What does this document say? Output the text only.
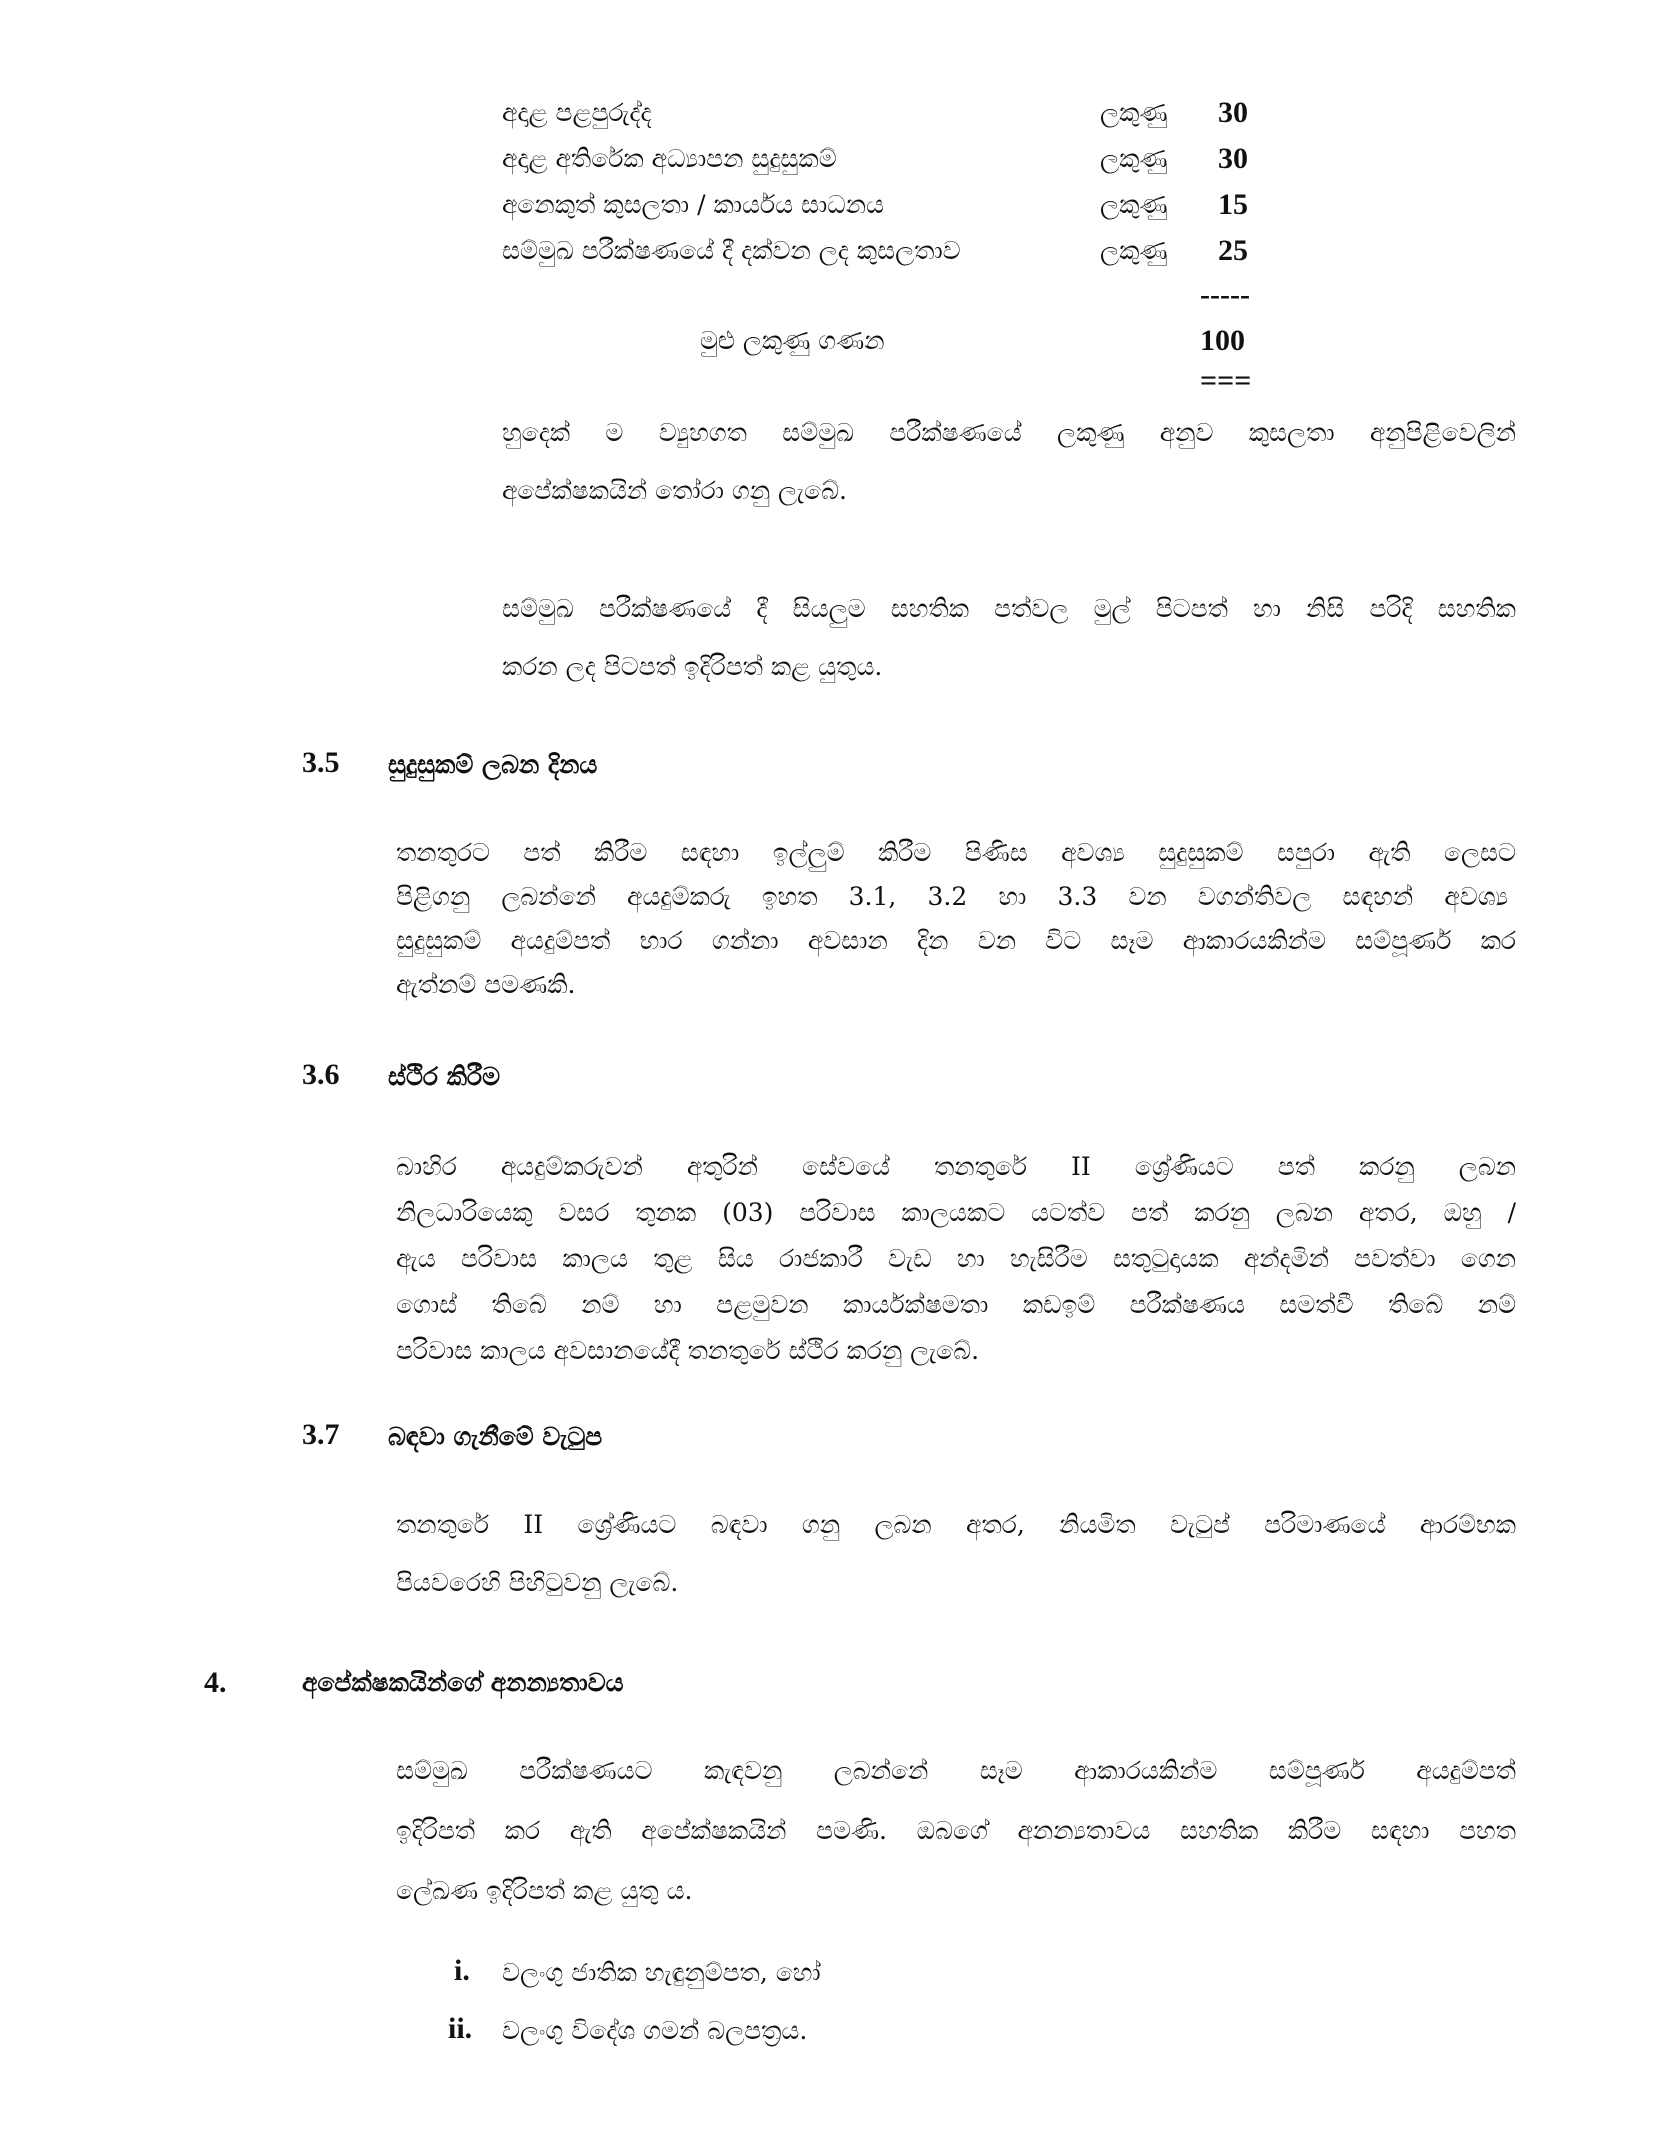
අදාළ පළපුරුද්ද	ලකුණු 30
අදාළ අතිරේක අධ්‍යාපන සුදුසුකම්	ලකුණු 30
අනෙකුත් කුසලතා / කාර්යය සාධනය	ලකුණු 15
සම්මුඛ පරීක්ෂණයේ දී දක්වන ලද කුසලතාව	ලකුණු 25
-----
මුළු ලකුණු ගණන	100
===
හුදෙක් ම ව්‍යුහගත සම්මුඛ පරීක්ෂණයේ ලකුණු අනුව කුසලතා අනුපිළිවෙලින්
අපේක්ෂකයින් තෝරා ගනු ලැබේ.
සම්මුඛ පරීක්ෂණයේ දී සියලුම සහතික පත්වල මුල් පිටපත් හා නිසි පරිදි සහතික
කරන ලද පිටපත් ඉදිරිපත් කළ යුතුය.
3.5 සුදුසුකම් ලබන දිනය
තනතුරට පත් කිරීම සඳහා ඉල්ලුම් කිරීම පිණිස අවශ්‍ය සුදුසුකම් සපුරා ඇති ලෙසට
පිළිගනු ලබන්නේ අයදුම්කරු ඉහත 3.1, 3.2 හා 3.3 වන වගන්තිවල සඳහන් අවශ්‍ය
සුදුසුකම් අයදුම්පත් භාර ගන්නා අවසාන දින වන විට සෑම ආකාරයකින්ම සම්පූර්ණ කර
ඇත්නම් පමණකි.
3.6 ස්ථිර කිරීම
බාහිර අයදුම්කරුවන් අතුරින් සේවයේ තනතුරේ II ශ්‍රේණියට පත් කරනු ලබන
නිලධාරියෙකු වසර තුනක (03) පරිවාස කාලයකට යටත්ව පත් කරනු ලබන අතර, ඔහු /
ඇය පරිවාස කාලය තුළ සිය රාජකාරී වැඩ හා හැසිරීම සතුටුදායක අන්දමින් පවත්වා ගෙන
ගොස් තිබේ නම් හා පළමුවන කාර්යක්ෂමතා කඩඉම් පරීක්ෂණය සමත්වී තිබේ නම්
පරිවාස කාලය අවසානයේදී තනතුරේ ස්ථිර කරනු ලැබේ.
3.7 බඳවා ගැනීමේ වැටුප
තනතුරේ II ශ්‍රේණියට බඳවා ගනු ලබන අතර, නියමිත වැටුප් පරිමාණයේ ආරම්භක
පියවරෙහි පිහිටුවනු ලැබේ.
4.	අපේක්ෂකයින්ගේ අනන්‍යතාවය
සම්මුඛ පරීක්ෂණයට කැඳවනු ලබන්නේ සෑම ආකාරයකින්ම සම්පූර්ණ අයදුම්පත්
ඉදිරිපත් කර ඇති අපේක්ෂකයින් පමණි. ඔබගේ අනන්‍යතාවය සහතික කිරීම සඳහා පහත
ලේඛණ ඉදිරිපත් කළ යුතු ය.
i. වලංගු ජාතික හැඳුනුම්පත, හෝ
ii. වලංගු විදේශ ගමන් බලපත්‍රය.
